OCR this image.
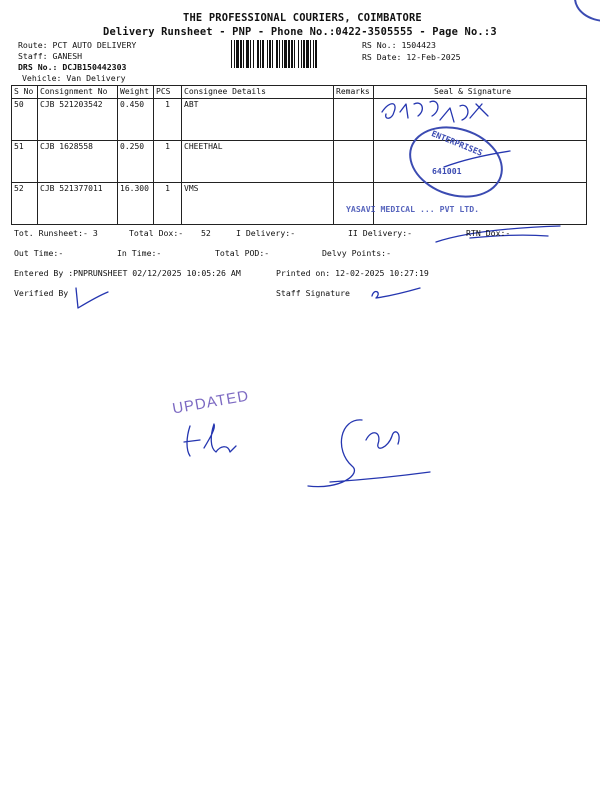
THE PROFESSIONAL COURIERS, COIMBATORE
Delivery Runsheet - PNP - Phone No.:0422-3505555 - Page No.:3
Route: PCT AUTO DELIVERY
Staff: GANESH
DRS No.: DCJB150442303
Vehicle: Van Delivery
RS No.: 1504423
RS Date: 12-Feb-2025
S No	Consignment No	Weight	PCS	Consignee Details	Remarks	Seal & Signature
50	CJB 521203542	0.450	1	ABT		
51	CJB 1628558	0.250	1	CHEETHAL		
52	CJB 521377011	16.300	1	VMS		
ENTERPRISES
641001
YASAVI MEDICAL ... PVT LTD.
Tot. Runsheet:- 3	Total Dox:- 52	I Delivery:-	II Delivery:-	RTN Dox:-
Out Time:-	In Time:-	Total POD:-	Delvy Points:-
Entered By :PNPRUNSHEET 02/12/2025 10:05:26 AM	Printed on: 12-02-2025 10:27:19
Verified By	Staff Signature
UPDATED
